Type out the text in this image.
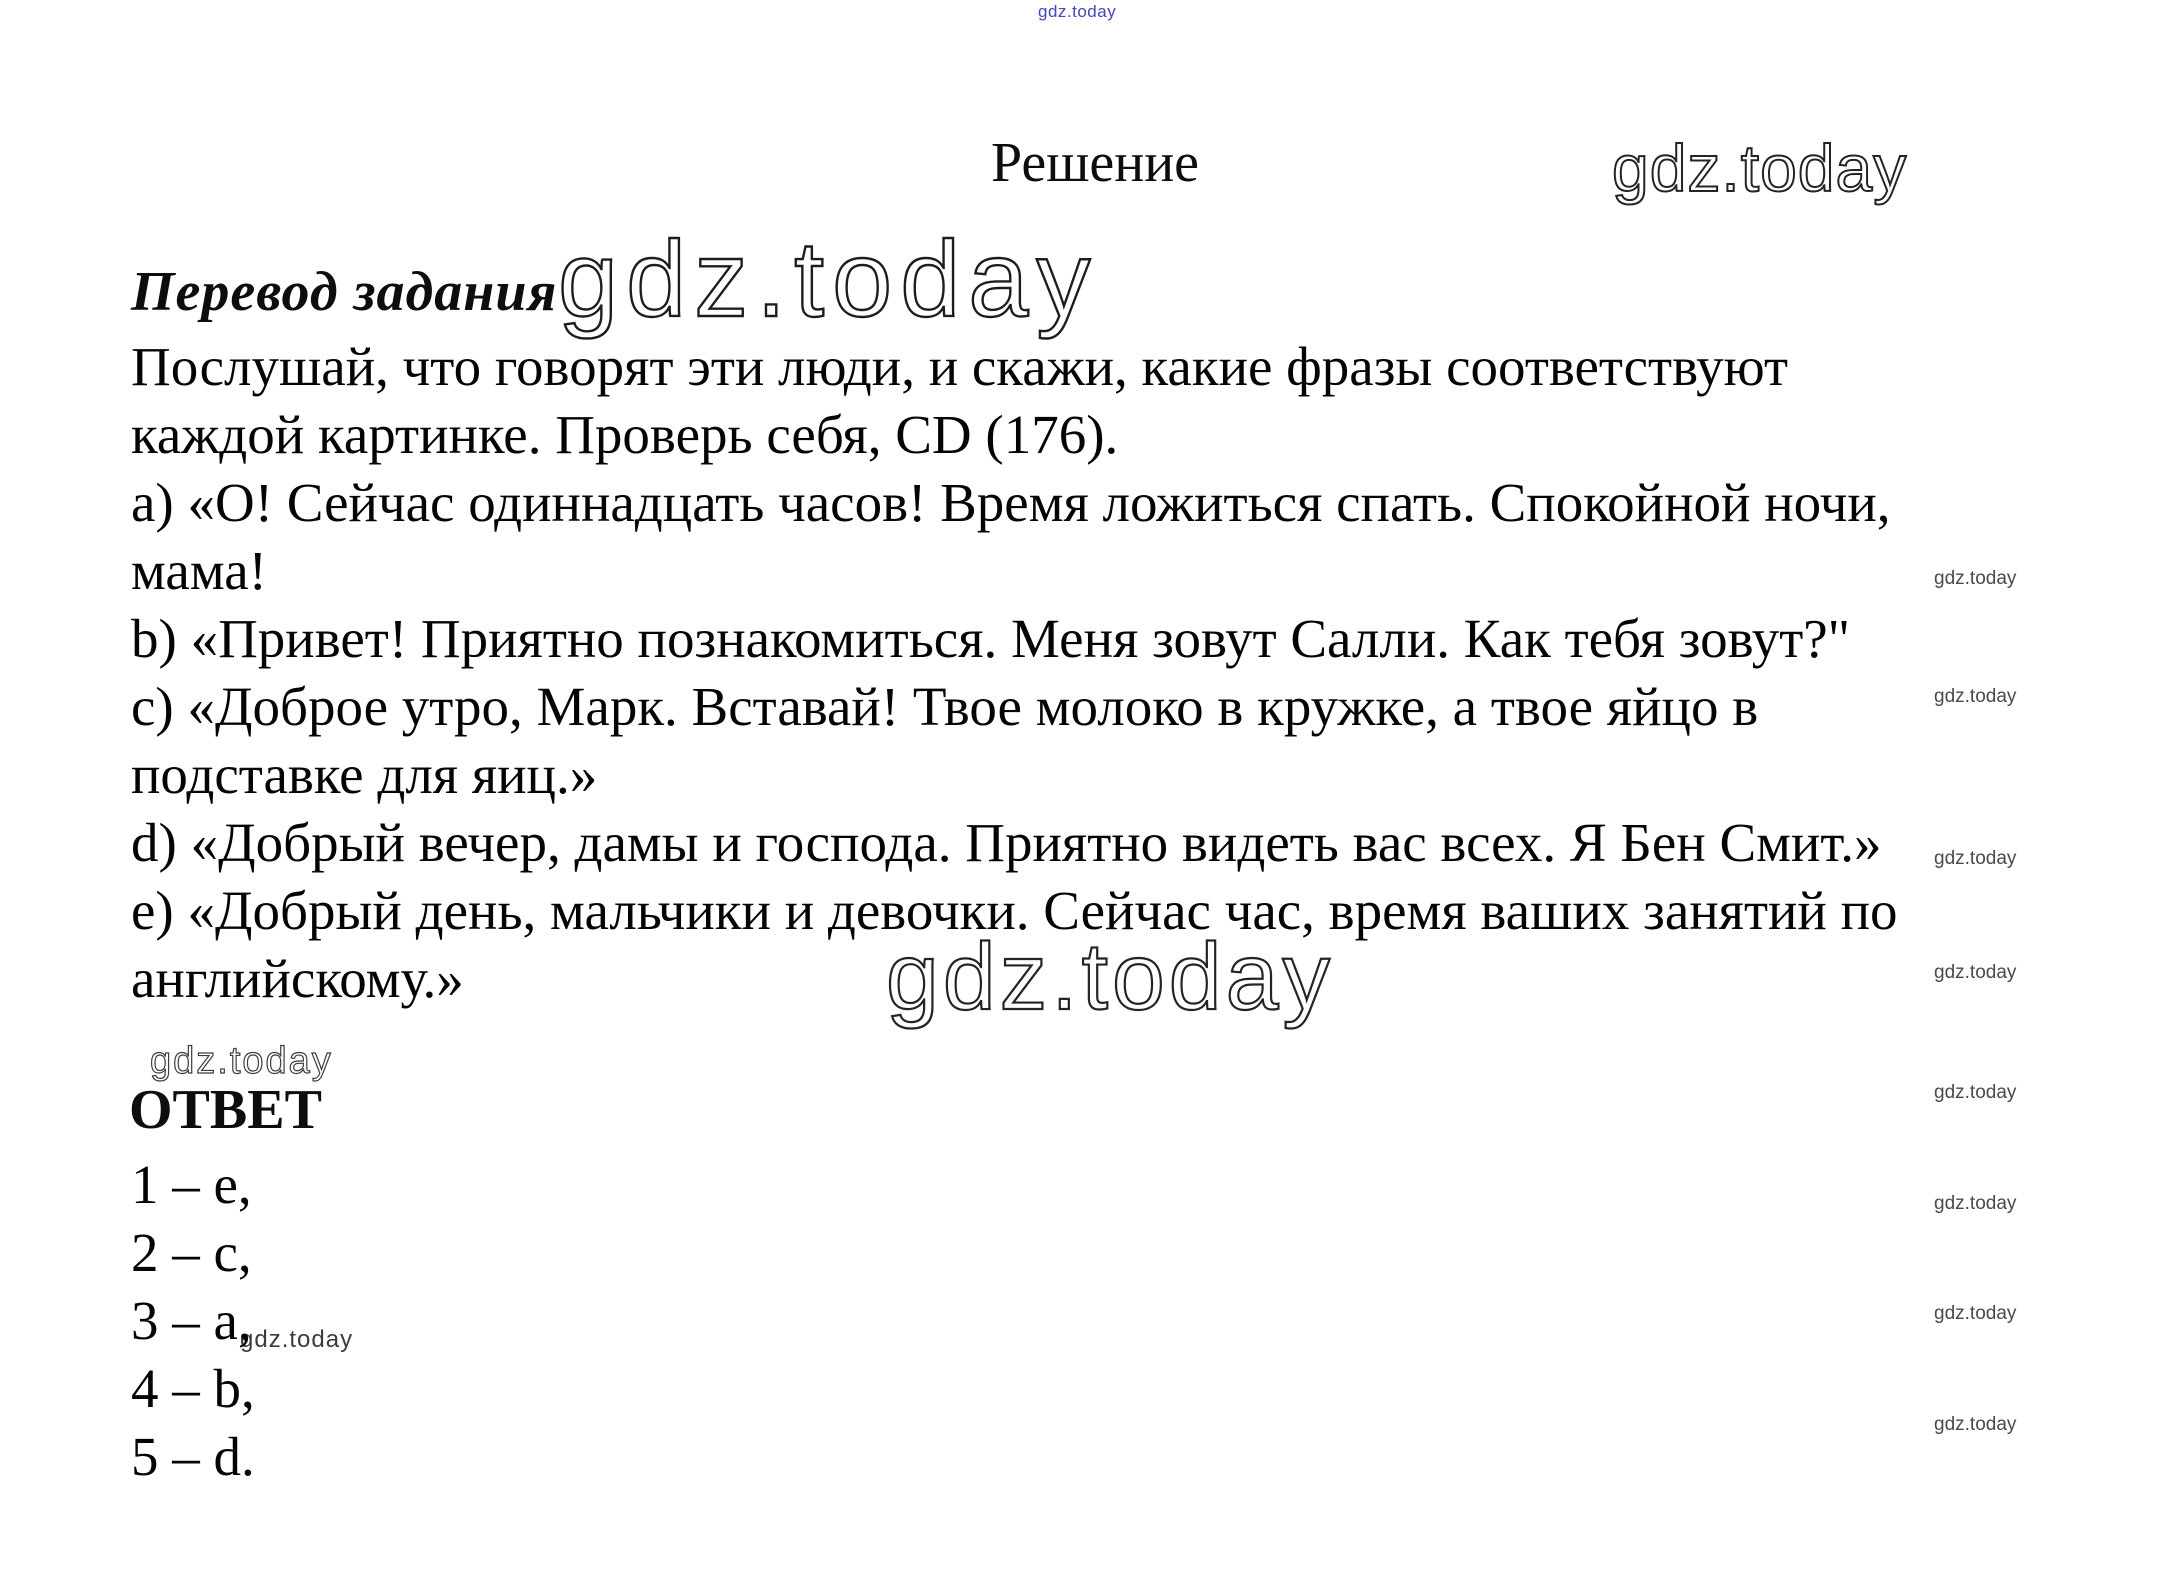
gdz.today
gdz.today
gdz.today
gdz.today
gdz.today
gdz.today
gdz.today
gdz.today
gdz.today
gdz.today
gdz.today
gdz.today
gdz.today
gdz.today
Решение
Перевод задания
Послушай, что говорят эти люди, и скажи, какие фразы соответствуют
каждой картинке. Проверь себя, CD (176).
a) «О! Сейчас одиннадцать часов! Время ложиться спать. Спокойной ночи,
мама!
b) «Привет! Приятно познакомиться. Меня зовут Салли. Как тебя зовут?"
c) «Доброе утро, Марк. Вставай! Твое молоко в кружке, а твое яйцо в
подставке для яиц.»
d) «Добрый вечер, дамы и господа. Приятно видеть вас всех. Я Бен Смит.»
e) «Добрый день, мальчики и девочки. Сейчас час, время ваших занятий по
английскому.»
ОТВЕТ
1 – e,
2 – c,
3 – a,
4 – b,
5 – d.
